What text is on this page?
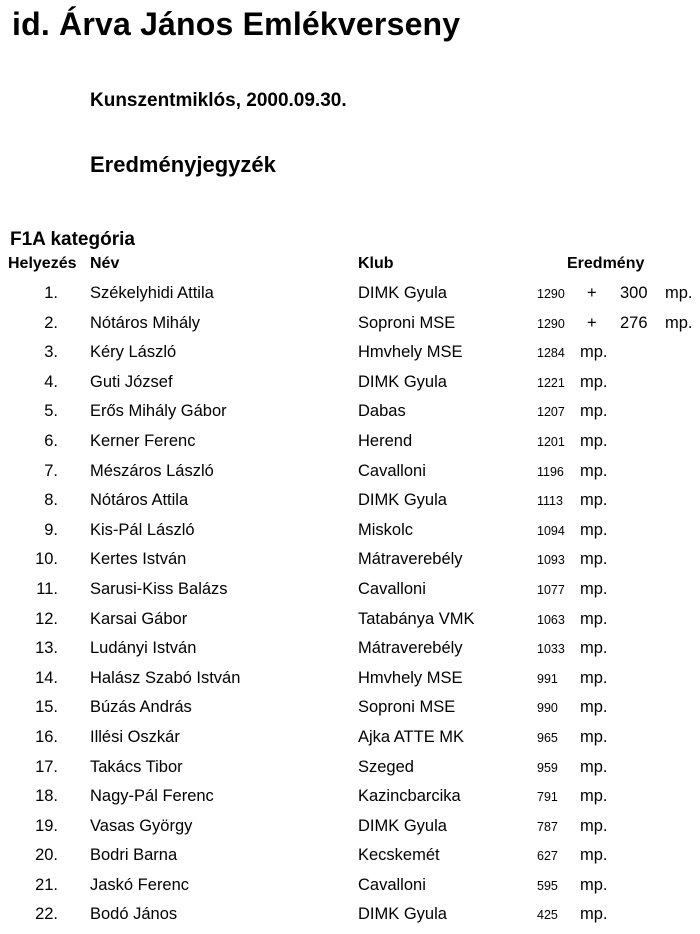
id. Árva János Emlékverseny
Kunszentmiklós, 2000.09.30.
Eredményjegyzék
F1A kategória
Helyezés Név	Klub	Eredmény
1. Székelyhidi Attila	DIMK Gyula	1290 + 300 mp.
2. Nótáros Mihály	Soproni MSE	1290 + 276 mp.
3. Kéry László	Hmvhely MSE	1284 mp.
4. Guti József	DIMK Gyula	1221 mp.
5. Erős Mihály Gábor	Dabas	1207 mp.
6. Kerner Ferenc	Herend	1201 mp.
7. Mészáros László	Cavalloni	1196 mp.
8. Nótáros Attila	DIMK Gyula	1113 mp.
9. Kis-Pál László	Miskolc	1094 mp.
10. Kertes István	Mátraverebély	1093 mp.
11. Sarusi-Kiss Balázs	Cavalloni	1077 mp.
12. Karsai Gábor	Tatabánya VMK	1063 mp.
13. Ludányi István	Mátraverebély	1033 mp.
14. Halász Szabó István	Hmvhely MSE	991 mp.
15. Búzás András	Soproni MSE	990 mp.
16. Illési Oszkár	Ajka ATTE MK	965 mp.
17. Takács Tibor	Szeged	959 mp.
18. Nagy-Pál Ferenc	Kazincbarcika	791 mp.
19. Vasas György	DIMK Gyula	787 mp.
20. Bodri Barna	Kecskemét	627 mp.
21. Jaskó Ferenc	Cavalloni	595 mp.
22. Bodó János	DIMK Gyula	425 mp.
